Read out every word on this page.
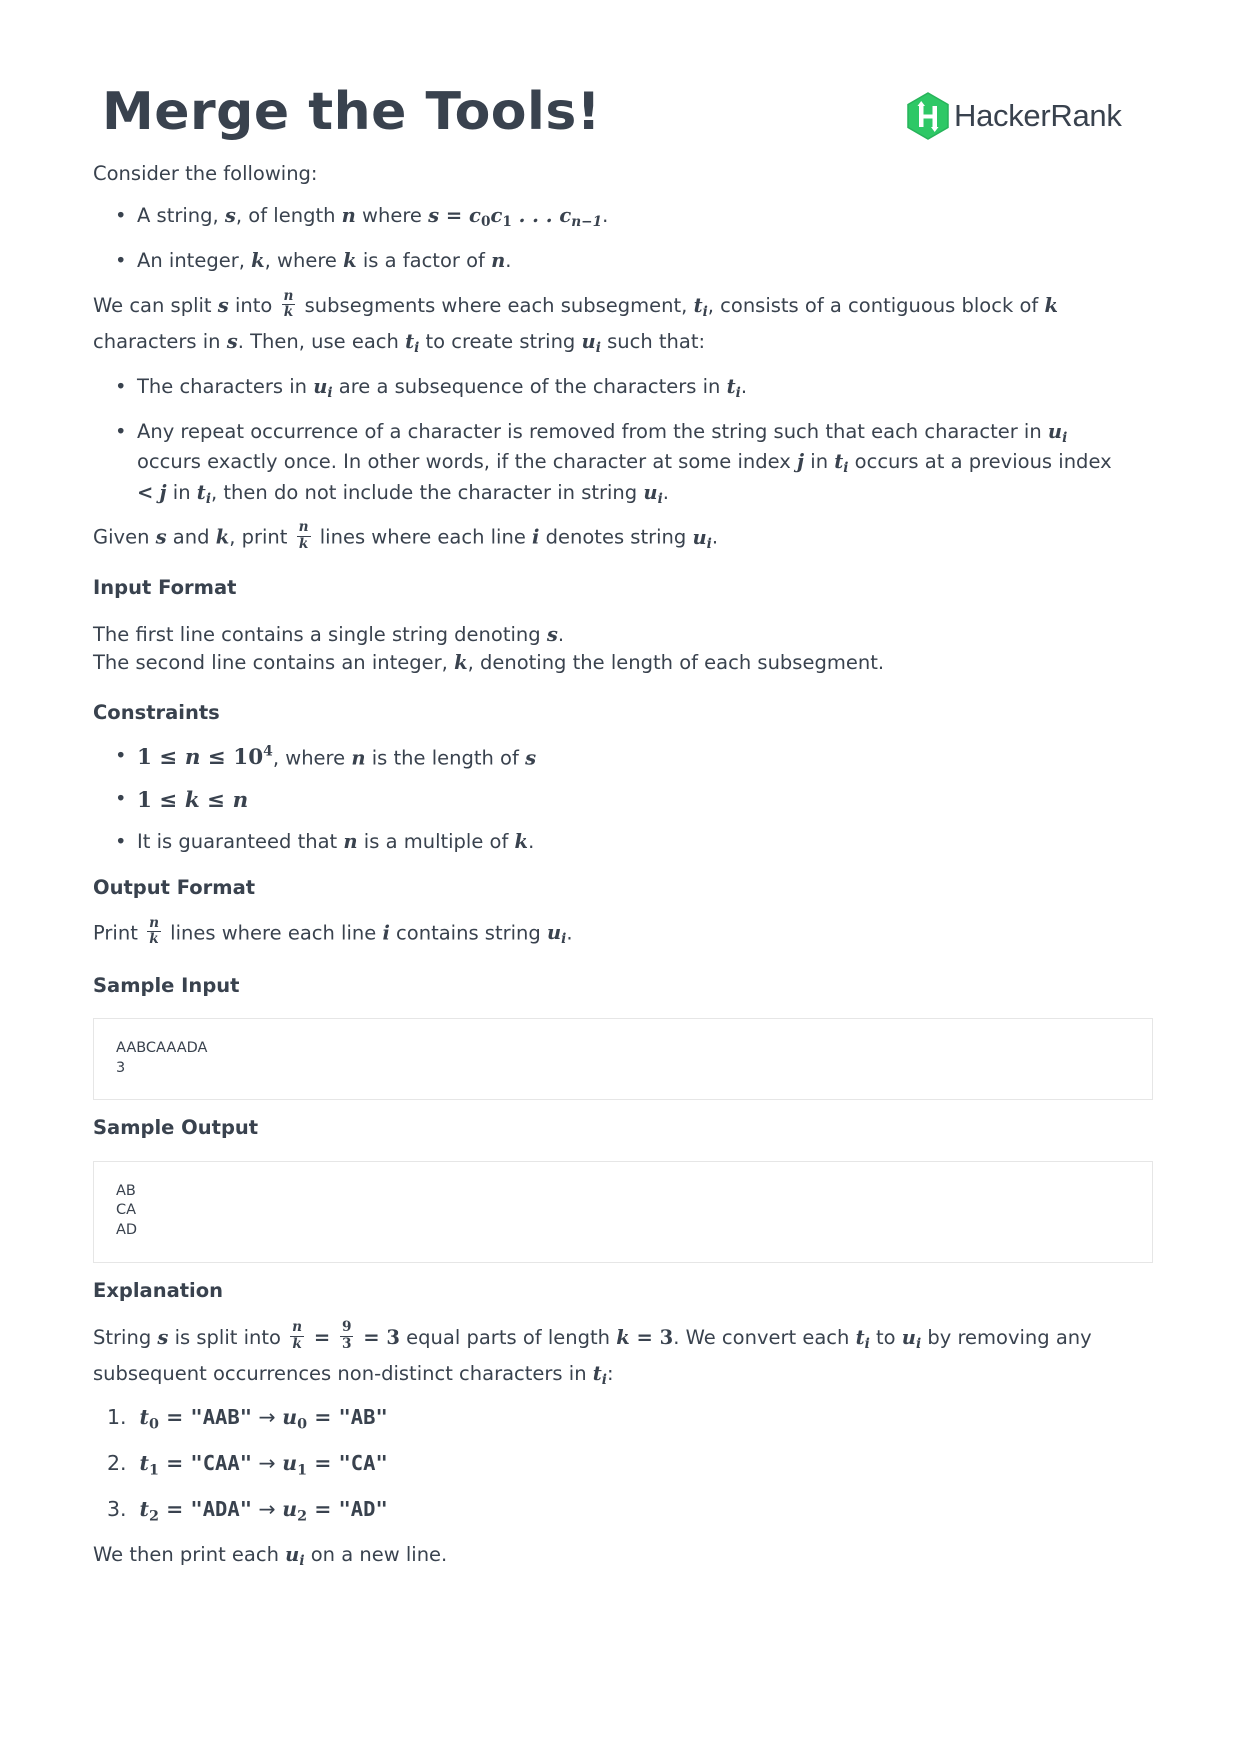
Merge the Tools!	HackerRank

Consider the following:

• A string, s, of length n where $s = c_0c_1$ . . . $c_{n-1}$.
• An integer, k, where k is a factor of n.

We can split s into $\frac{n}{k}$ subsegments where each subsegment, $t_i$, consists of a contiguous block of k
characters in s. Then, use each $t_i$ to create string $u_i$ such that:

• The characters in $u_i$ are a subsequence of the characters in $t_i$.
• Any repeat occurrence of a character is removed from the string such that each character in $u_i$
occurs exactly once. In other words, if the character at some index j in $t_i$ occurs at a previous index
< j in $t_i$, then do not include the character in string $u_i$.

Given s and k, print $\frac{n}{k}$ lines where each line i denotes string $u_i$.

Input Format

The first line contains a single string denoting s.
The second line contains an integer, k, denoting the length of each subsegment.

Constraints
• $1 \le n \le 10^4$, where n is the length of s
• 1 ≤ k ≤ n
• It is guaranteed that n is a multiple of k.
Output Format

Print $\frac{n}{k}$ lines where each line i contains string $u_i$.

Sample Input
AABCAAADA
3
Sample Output
AB
CA
AD
Explanation

String s is split into $\frac{n}{k} = \frac{9}{3} = 3$ equal parts of length k = 3. We convert each $t_i$ to $u_i$ by removing any
subsequent occurrences non-distinct characters in $t_i$:

1. $t_0$ = "AAB" → $u_0$ = "AB"
2. $t_1$ = "CAA" → $u_1$ = "CA"
3. $t_2$ = "ADA" → $u_2$ = "AD"

We then print each $u_i$ on a new line.
